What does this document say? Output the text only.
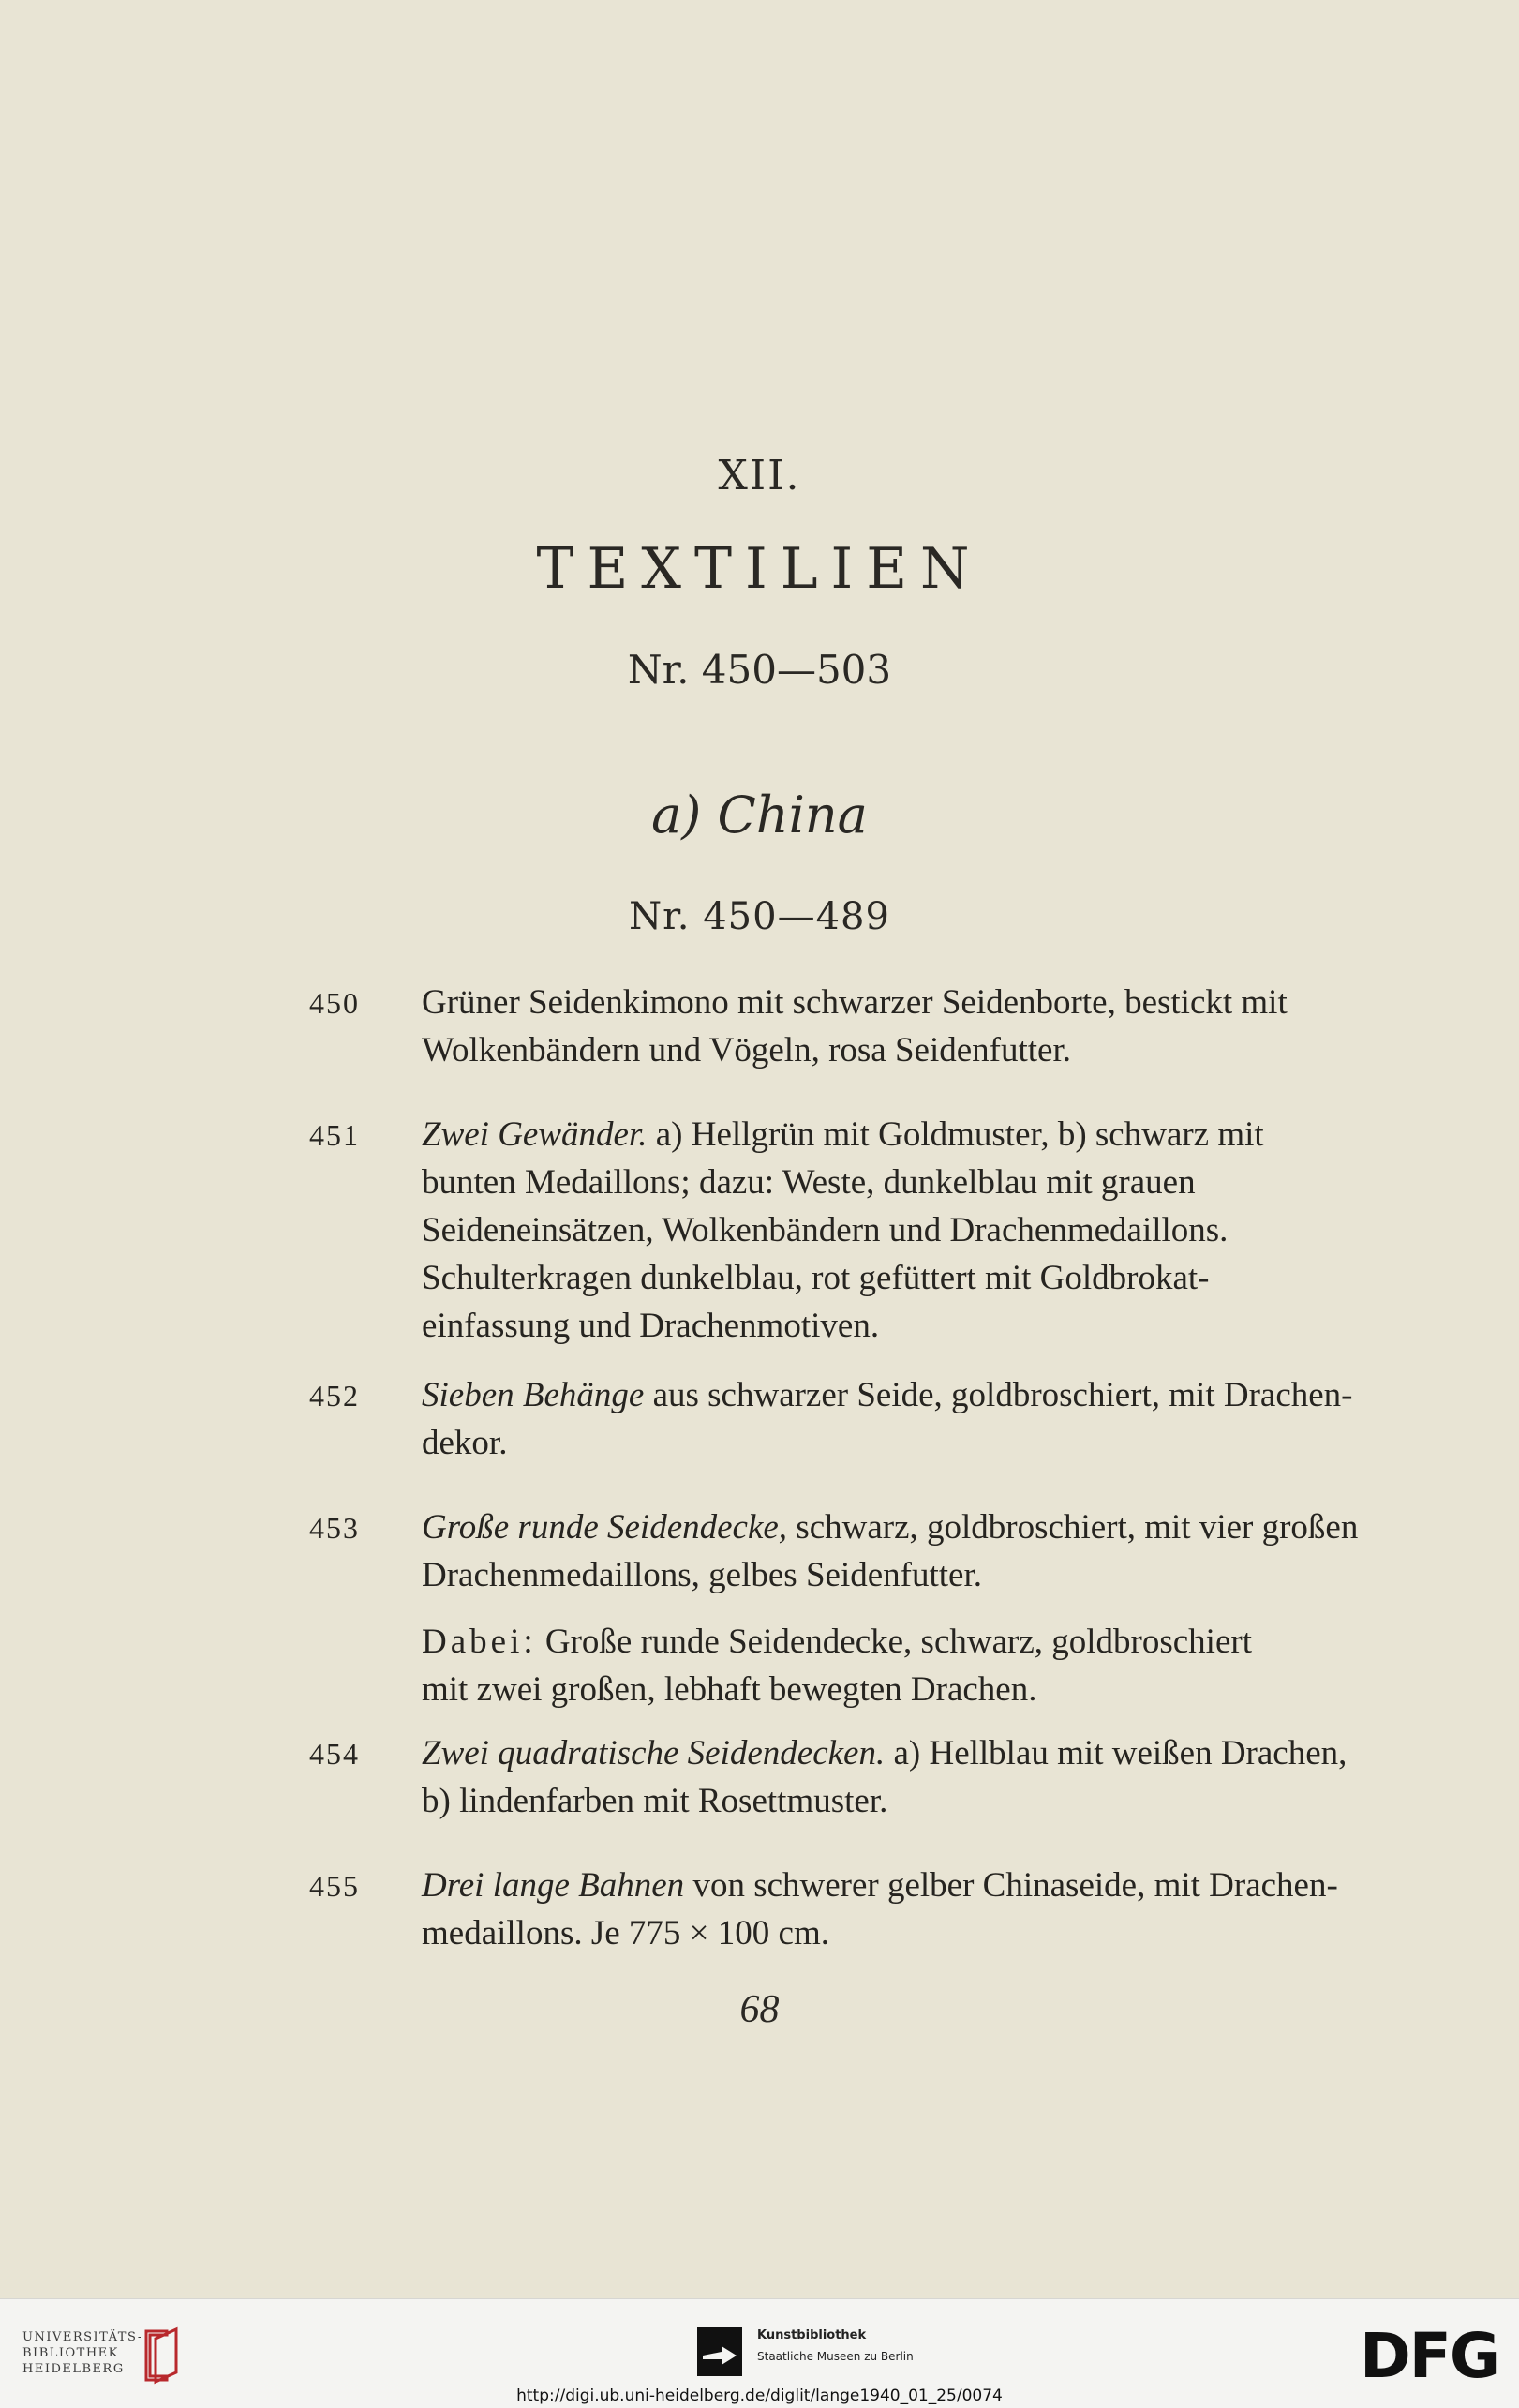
XII.
TEXTILIEN
Nr. 450—503
a) China
Nr. 450—489
450 Grüner Seidenkimono mit schwarzer Seidenborte, bestickt mit
Wolkenbändern und Vögeln, rosa Seidenfutter.
451 Zwei Gewänder. a) Hellgrün mit Goldmuster, b) schwarz mit
bunten Medaillons; dazu: Weste, dunkelblau mit grauen
Seideneinsätzen, Wolkenbändern und Drachenmedaillons.
Schulterkragen dunkelblau, rot gefüttert mit Goldbrokat-
einfassung und Drachenmotiven.
452 Sieben Behänge aus schwarzer Seide, goldbroschiert, mit Drachen-
dekor.
453 Große runde Seidendecke, schwarz, goldbroschiert, mit vier großen
Drachenmedaillons, gelbes Seidenfutter.
Dabei: Große runde Seidendecke, schwarz, goldbroschiert
mit zwei großen, lebhaft bewegten Drachen.
454 Zwei quadratische Seidendecken. a) Hellblau mit weißen Drachen,
b) lindenfarben mit Rosettmuster.
455 Drei lange Bahnen von schwerer gelber Chinaseide, mit Drachen-
medaillons. Je 775 × 100 cm.
68
UNIVERSITÄTS-
BIBLIOTHEK
HEIDELBERG
Kunstbibliothek
Staatliche Museen zu Berlin	DFG
http://digi.ub.uni-heidelberg.de/diglit/lange1940_01_25/0074
